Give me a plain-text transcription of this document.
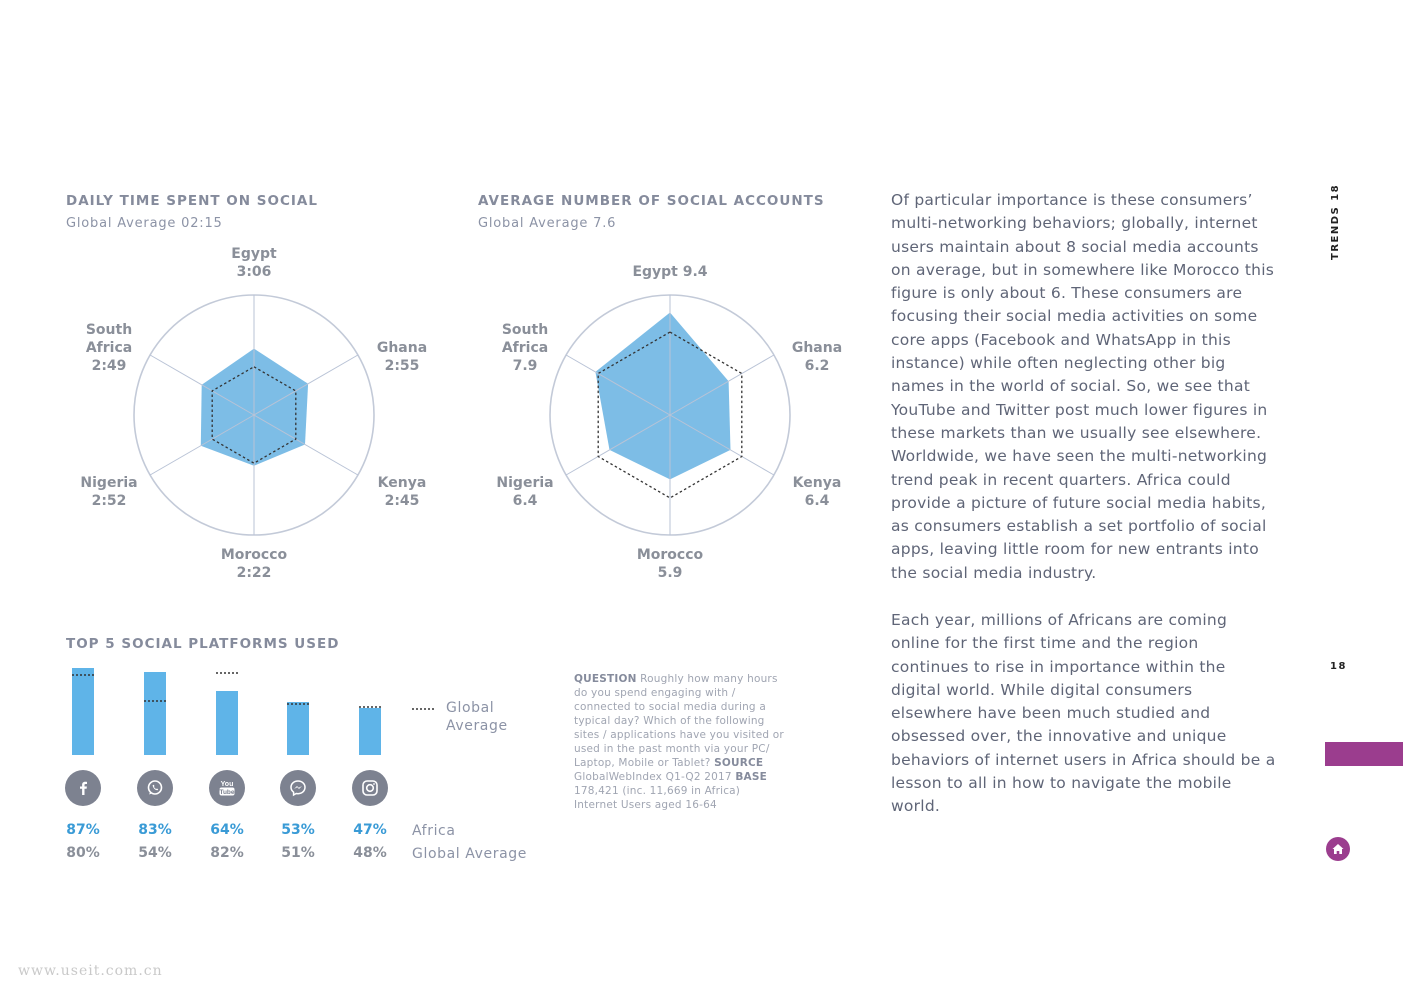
DAILY TIME SPENT ON SOCIAL
Global Average 02:15
Egypt
3:06
Ghana
2:55
Kenya
2:45
Morocco
2:22
Nigeria
2:52
South
Africa
2:49
AVERAGE NUMBER OF SOCIAL ACCOUNTS
Global Average 7.6
Egypt 9.4
Ghana
6.2
Kenya
6.4
Morocco
5.9
Nigeria
6.4
South
Africa
7.9
TOP 5 SOCIAL PLATFORMS USED
Global
Average
You
Tube
87%	83%	64%	53%	47% Africa
80%	54%	82%	51%	48% Global Average
QUESTION Roughly how many hours do you spend engaging with / connected to social media during a typical day? Which of the following sites / applications have you visited or used in the past month via your PC/ Laptop, Mobile or Tablet? SOURCE GlobalWebIndex Q1-Q2 2017 BASE 178,421 (inc. 11,669 in Africa) Internet Users aged 16-64
Of particular importance is these consumers’ multi-networking behaviors; globally, internet users maintain about 8 social media accounts on average, but in somewhere like Morocco this figure is only about 6. These consumers are focusing their social media activities on some core apps (Facebook and WhatsApp in this instance) while often neglecting other big names in the world of social. So, we see that YouTube and Twitter post much lower figures in these markets than we usually see elsewhere. Worldwide, we have seen the multi-networking trend peak in recent quarters. Africa could provide a picture of future social media habits, as consumers establish a set portfolio of social apps, leaving little room for new entrants into the social media industry.
Each year, millions of Africans are coming online for the first time and the region continues to rise in importance within the digital world. While digital consumers elsewhere have been much studied and obsessed over, the innovative and unique behaviors of internet users in Africa should be a lesson to all in how to navigate the mobile world.
TRENDS 18
18
www.useit.com.cn
